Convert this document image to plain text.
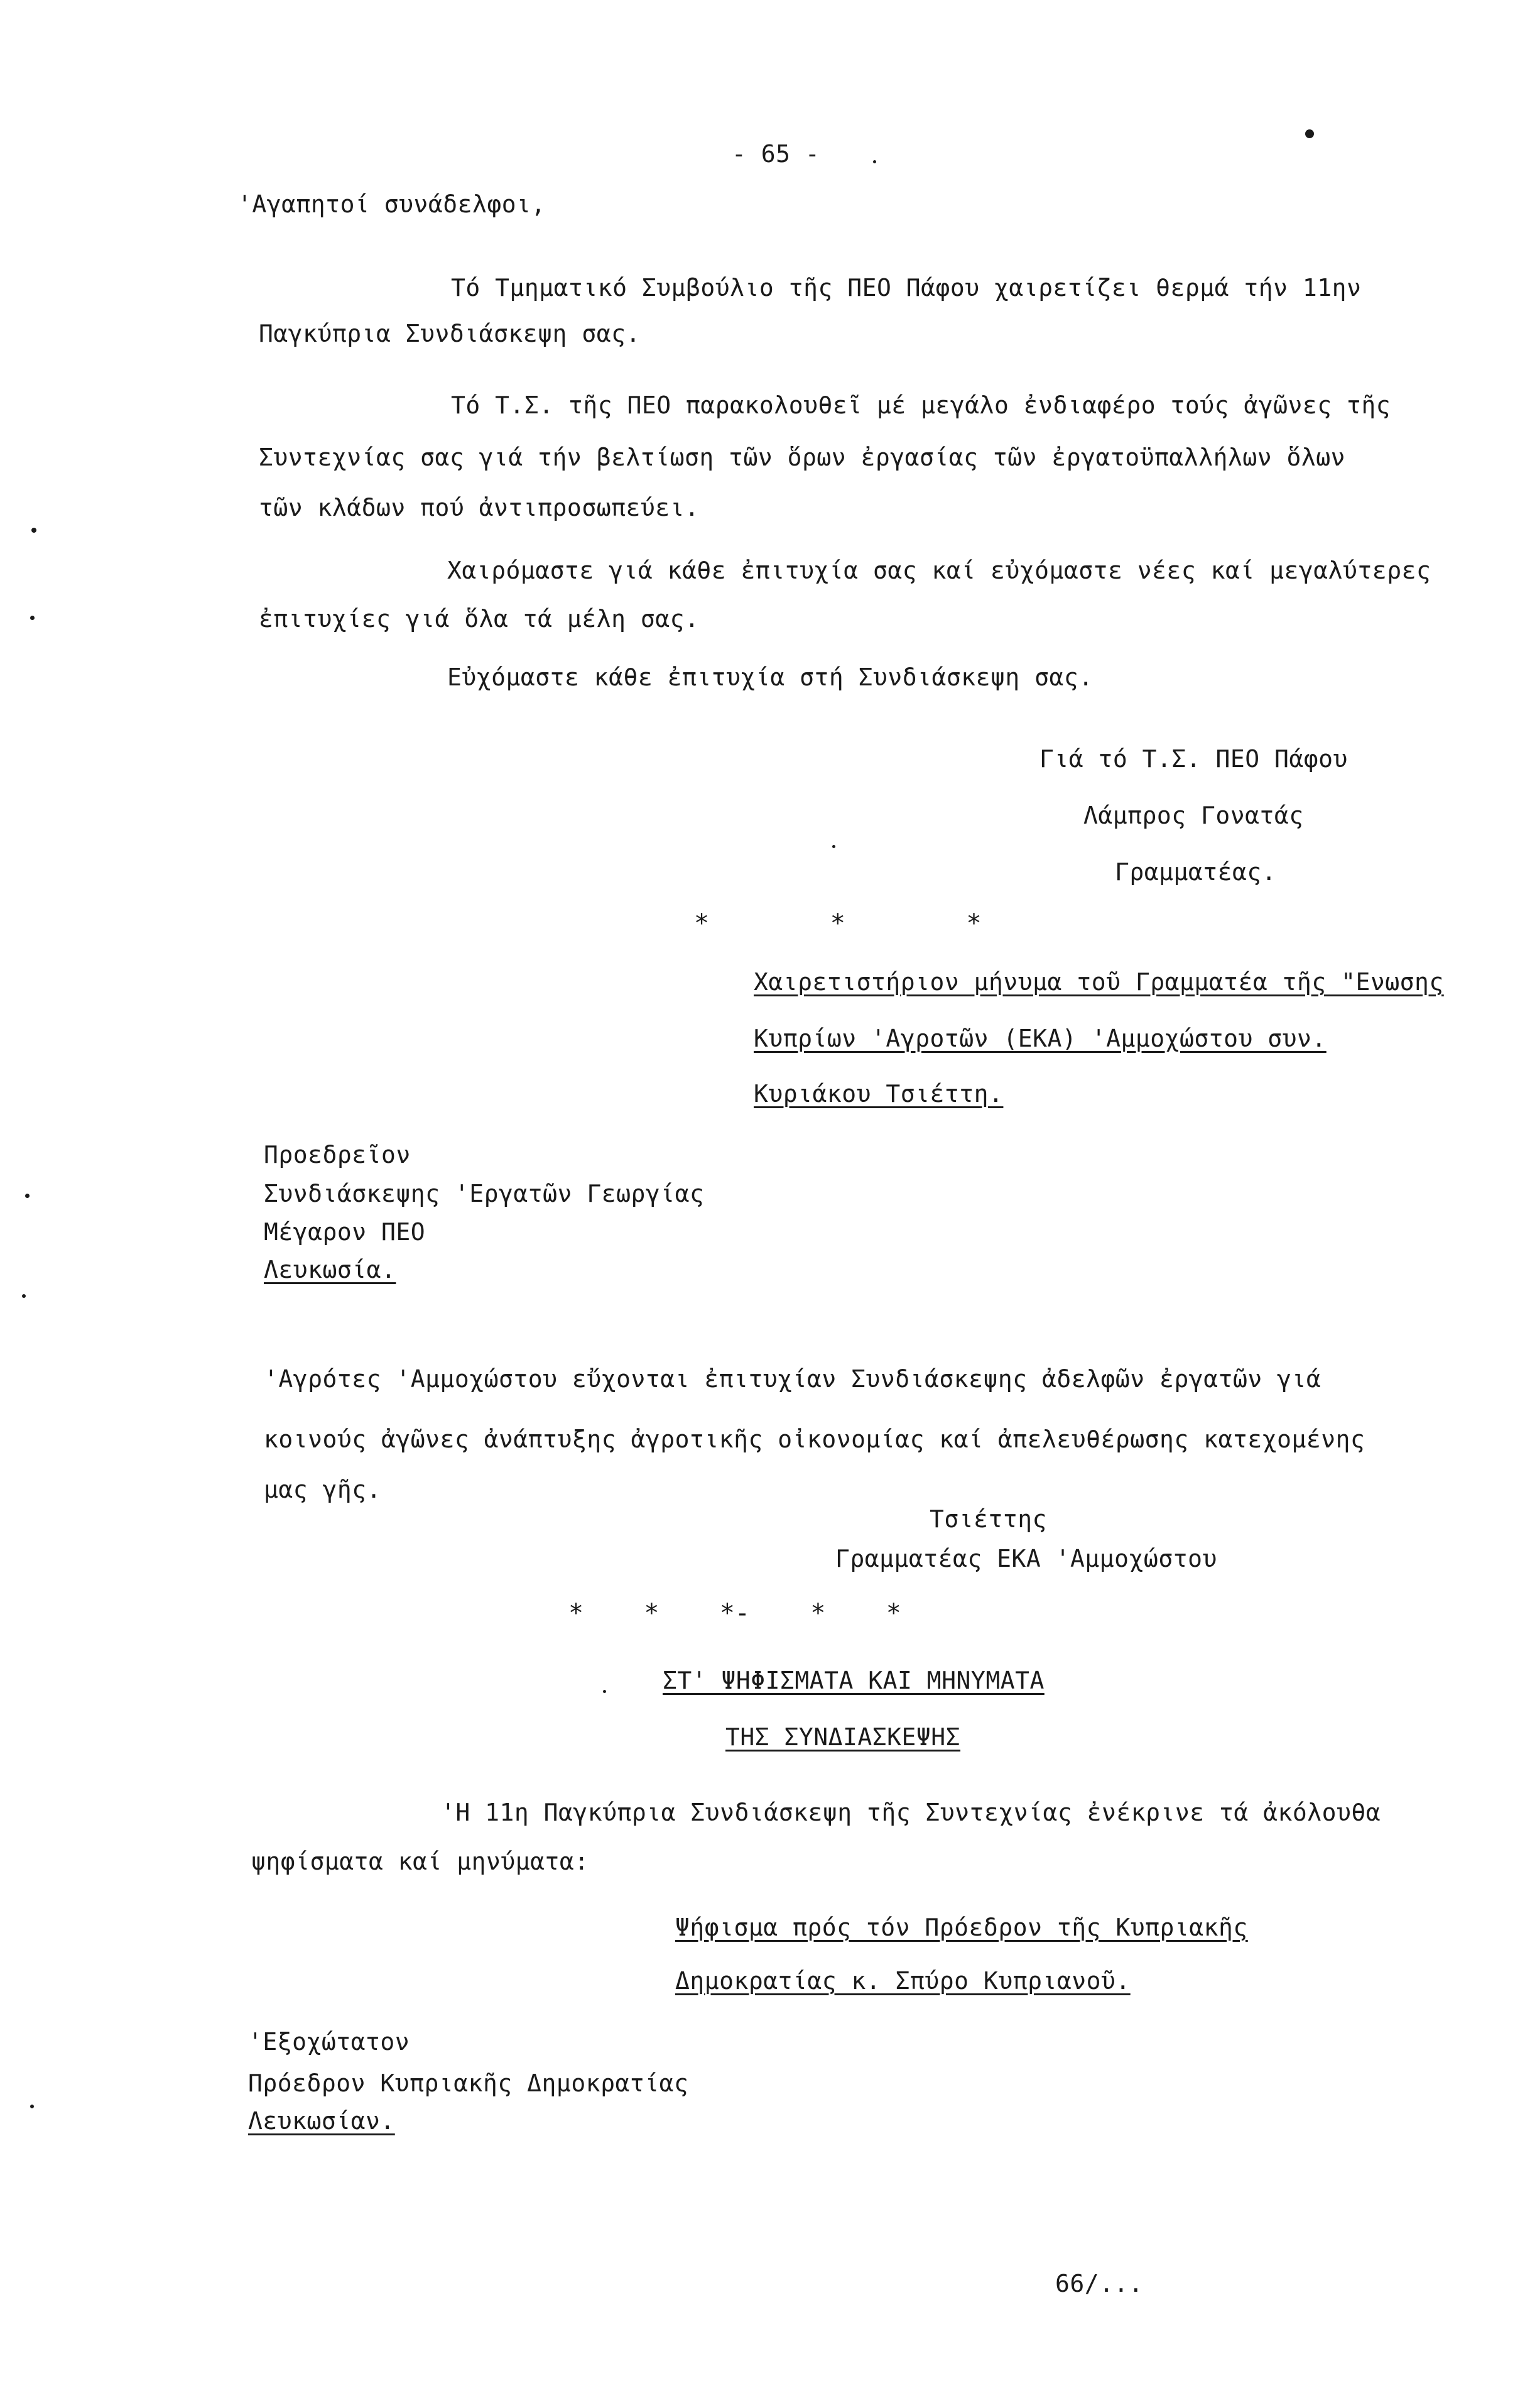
- 65 -
'Αγαπητοί συνάδελφοι,
Τό Τμηματικό Συμβούλιο τῆς ΠΕΟ Πάφου χαιρετίζει θερμά τήν 11ην
Παγκύπρια Συνδιάσκεψη σας.
Τό Τ.Σ. τῆς ΠΕΟ παρακολουθεῖ μέ μεγάλο ἐνδιαφέρο τούς ἀγῶνες τῆς
Συντεχνίας σας γιά τήν βελτίωση τῶν ὅρων ἐργασίας τῶν ἐργατοϋπαλλήλων ὅλων
τῶν κλάδων πού ἀντιπροσωπεύει.
Χαιρόμαστε γιά κάθε ἐπιτυχία σας καί εὐχόμαστε νέες καί μεγαλύτερες
ἐπιτυχίες γιά ὅλα τά μέλη σας.
Εὐχόμαστε κάθε ἐπιτυχία στή Συνδιάσκεψη σας.
Γιά τό Τ.Σ. ΠΕΟ Πάφου
Λάμπρος Γονατάς
Γραμματέας.
*        *        *
Χαιρετιστήριον μήνυμα τοῦ Γραμματέα τῆς "Ενωσης
Κυπρίων 'Αγροτῶν (ΕΚΑ) 'Αμμοχώστου συν.
Κυριάκου Τσιέττη.
Προεδρεῖον
Συνδιάσκεψης 'Εργατῶν Γεωργίας
Μέγαρον ΠΕΟ
Λευκωσία.
'Αγρότες 'Αμμοχώστου εὔχονται ἐπιτυχίαν Συνδιάσκεψης ἀδελφῶν ἐργατῶν γιά
κοινούς ἀγῶνες ἀνάπτυξης ἀγροτικῆς οἰκονομίας καί ἀπελευθέρωσης κατεχομένης
μας γῆς.
Τσιέττης
Γραμματέας ΕΚΑ 'Αμμοχώστου
*    *    *-    *    *
ΣΤ' ΨΗΦΙΣΜΑΤΑ ΚΑΙ ΜΗΝΥΜΑΤΑ
ΤΗΣ ΣΥΝΔΙΑΣΚΕΨΗΣ
'Η 11η Παγκύπρια Συνδιάσκεψη τῆς Συντεχνίας ἐνέκρινε τά ἀκόλουθα
ψηφίσματα καί μηνύματα:
Ψήφισμα πρός τόν Πρόεδρον τῆς Κυπριακῆς
Δημοκρατίας κ. Σπύρο Κυπριανοῦ.
'Εξοχώτατον
Πρόεδρον Κυπριακῆς Δημοκρατίας
Λευκωσίαν.
66/...
